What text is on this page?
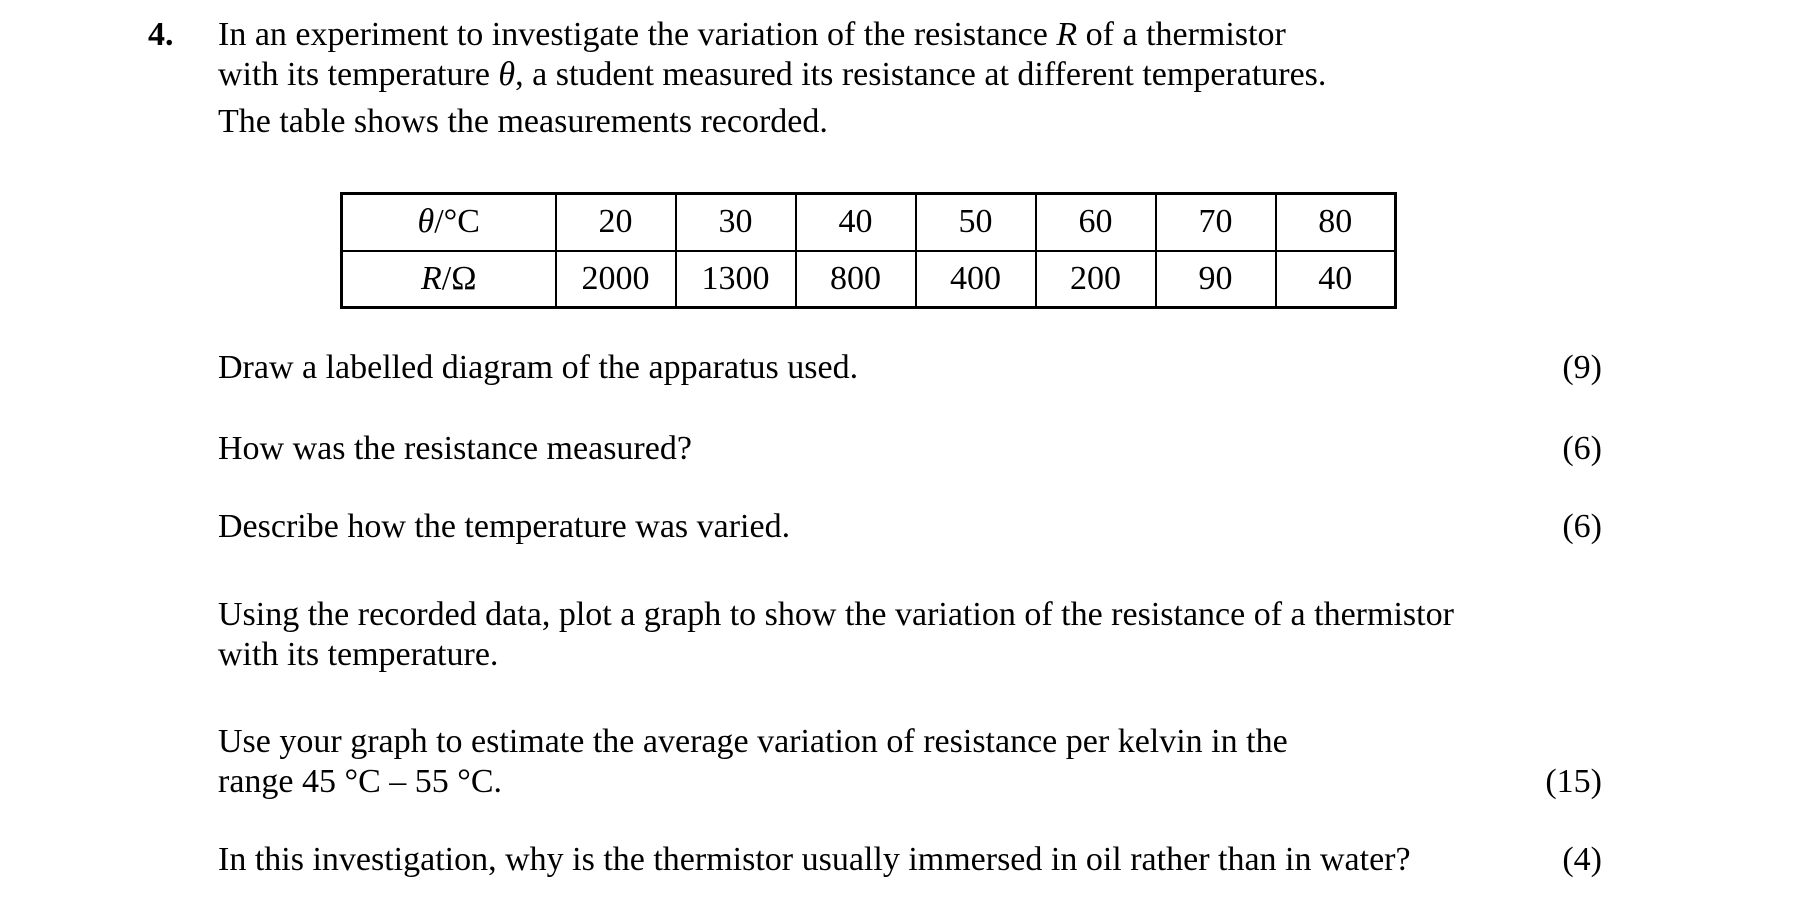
4. In an experiment to investigate the variation of the resistance R of a thermistor
with its temperature θ, a student measured its resistance at different temperatures.

The table shows the measurements recorded.

θ/°C	20	30	40	50	60	70	80
R/Ω	2000	1300	800	400	200	90	40
Draw a labelled diagram of the apparatus used.	(9)
How was the resistance measured?	(6)
Describe how the temperature was varied.	(6)
Using the recorded data, plot a graph to show the variation of the resistance of a thermistor
with its temperature.
Use your graph to estimate the average variation of resistance per kelvin in the
range 45 °C – 55 °C.	(15)
In this investigation, why is the thermistor usually immersed in oil rather than in water?	(4)
